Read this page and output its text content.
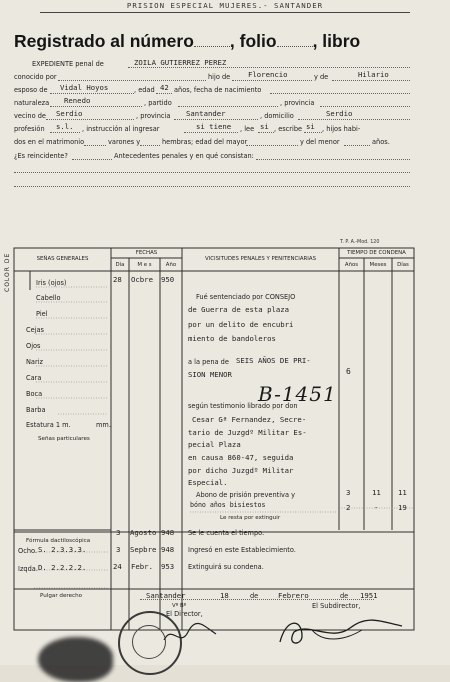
PRISION ESPECIAL MUJERES.- SANTANDER
Registrado al número , folio , libro
EXPEDIENTE penal de	ZOILA GUTIERREZ PEREZ
conocido por	hijo de Florencio	y de	Hilario
esposo de Vidal Hoyos	, edad 42 años, fecha de nacimiento
naturaleza Renedo	, partido	, provincia
vecino de Serdio	, provincia Santander	, domicilio	Serdio
profesión s.l. , instrucción al ingresar	si tiene , lee si , escribe si , hijos habi-
dos en el matrimonio	varones y	hembras; edad del mayor	y del menor	años.
¿Es reincidente?	Antecedentes penales y en qué consistan:
T. P. A.-Mod. 120
SEÑAS GENERALES
FECHAS
Día	M e s	Año
VICISITUDES PENALES Y PENITENCIARIAS
TIEMPO DE CONDENA
Años	Meses	Días
COLOR DE	Iris (ojos)
Cabello
Piel
Cejas
Ojos
Nariz
Cara
Boca
Barba
Estatura 1 m.	mm.
Señas particulares
28 Ocbre 950
Fué sentenciado por CONSEJO
de Guerra de esta plaza
por un delito de encubri
miento de bandoleros
a la pena de SEIS AÑOS DE PRI-
SION MENOR	6
B-1451
según testimonio librado por don
Cesar Gª Fernandez, Secre-
tario de Juzgdº Militar Es-
pecial Plaza
en causa 860-47, seguida
por dicho Juzgdº Militar
Especial.
Abono de prisión preventiva y
bóno años bisiestos
Le resta por extinguir
3	11 11
2	-	19
Fórmula dactiloscópica
Ocho. S. 2.3.3.3.
Izqda. D. 2.2.2.2.
3 Agosto 948 Se le cuenta el tiempo.
3 Sepbre 948 Ingresó en este Establecimiento.
24 Febr. 953 Extinguirá su condena.
Pulgar derecho	Santander	18	de	Febrero	de 1951
Vº Bº
El Director,
El Subdirector,
